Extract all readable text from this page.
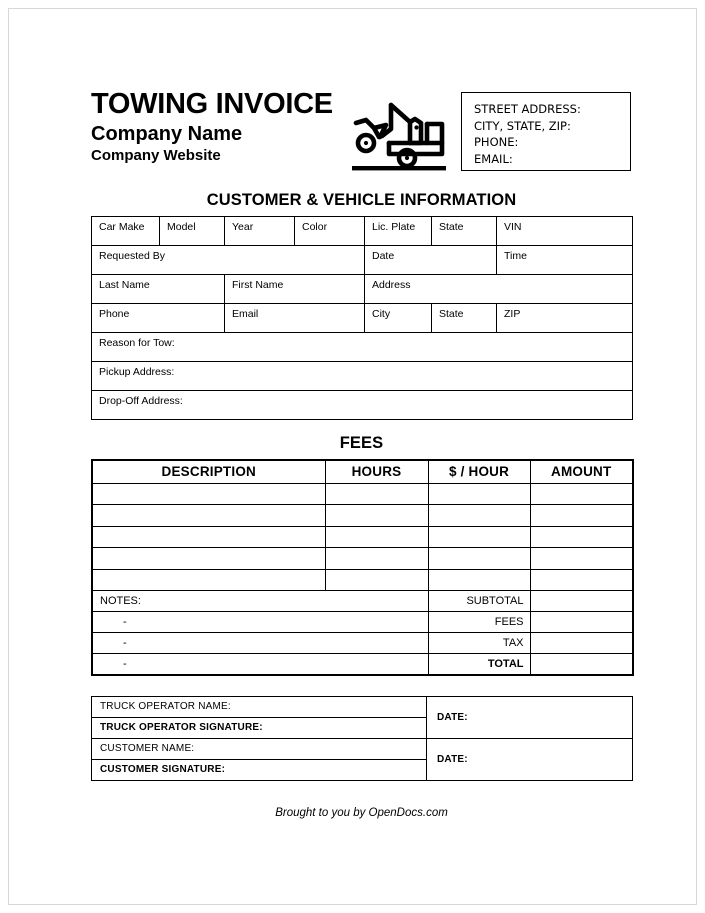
TOWING INVOICE
Company Name
Company Website
STREET ADDRESS:
CITY, STATE, ZIP:
PHONE:
EMAIL:
CUSTOMER & VEHICLE INFORMATION
Car Make	Model	Year	Color	Lic. Plate	State	VIN
Requested By				Date		Time
Last Name		First Name		Address		
Phone		Email		City	State	ZIP
Reason for Tow:						
Pickup Address:						
Drop-Off Address:						
FEES
DESCRIPTION	HOURS	$ / HOUR	AMOUNT

NOTES:		SUBTOTAL	
-		FEES	
-		TAX	
-		TOTAL	
TRUCK OPERATOR NAME:	DATE:
TRUCK OPERATOR SIGNATURE:	
CUSTOMER NAME:	DATE:
CUSTOMER SIGNATURE:	
Brought to you by OpenDocs.com
